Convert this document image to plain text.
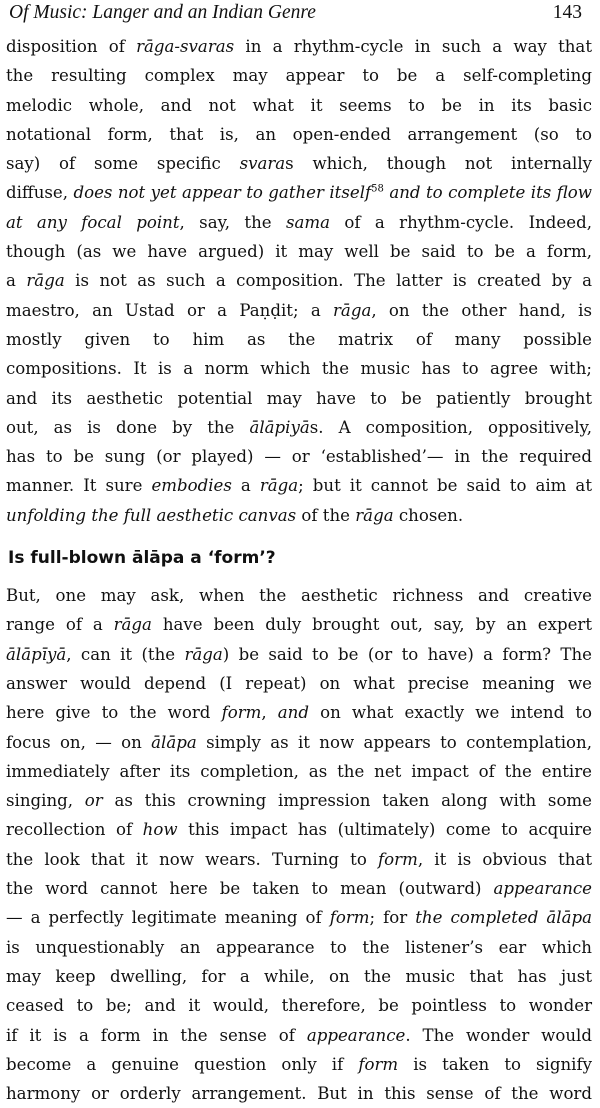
Of Music: Langer and an Indian Genre	143
disposition of rāga-svaras in a rhythm-cycle in such a way that
the resulting complex may appear to be a self-completing
melodic whole, and not what it seems to be in its basic
notational form, that is, an open-ended arrangement (so to
say) of some specific svaras which, though not internally
diffuse, does not yet appear to gather itself$^{58}$ and to complete its flow
at any focal point, say, the sama of a rhythm-cycle. Indeed,
though (as we have argued) it may well be said to be a form,
a rāga is not as such a composition. The latter is created by a
maestro, an Ustad or a Paṇḍit; a rāga, on the other hand, is
mostly given to him as the matrix of many possible
compositions. It is a norm which the music has to agree with;
and its aesthetic potential may have to be patiently brought
out, as is done by the ālāpiyās. A composition, oppositively,
has to be sung (or played) — or ‘established’— in the required
manner. It sure embodies a rāga; but it cannot be said to aim at
unfolding the full aesthetic canvas of the rāga chosen.
Is full-blown ālāpa a ‘form’?
But, one may ask, when the aesthetic richness and creative
range of a rāga have been duly brought out, say, by an expert
ālāpīyā, can it (the rāga) be said to be (or to have) a form? The
answer would depend (I repeat) on what precise meaning we
here give to the word form, and on what exactly we intend to
focus on, — on ālāpa simply as it now appears to contemplation,
immediately after its completion, as the net impact of the entire
singing, or as this crowning impression taken along with some
recollection of how this impact has (ultimately) come to acquire
the look that it now wears. Turning to form, it is obvious that
the word cannot here be taken to mean (outward) appearance
— a perfectly legitimate meaning of form; for the completed ālāpa
is unquestionably an appearance to the listener’s ear which
may keep dwelling, for a while, on the music that has just
ceased to be; and it would, therefore, be pointless to wonder
if it is a form in the sense of appearance. The wonder would
become a genuine question only if form is taken to signify
harmony or orderly arrangement. But in this sense of the word
